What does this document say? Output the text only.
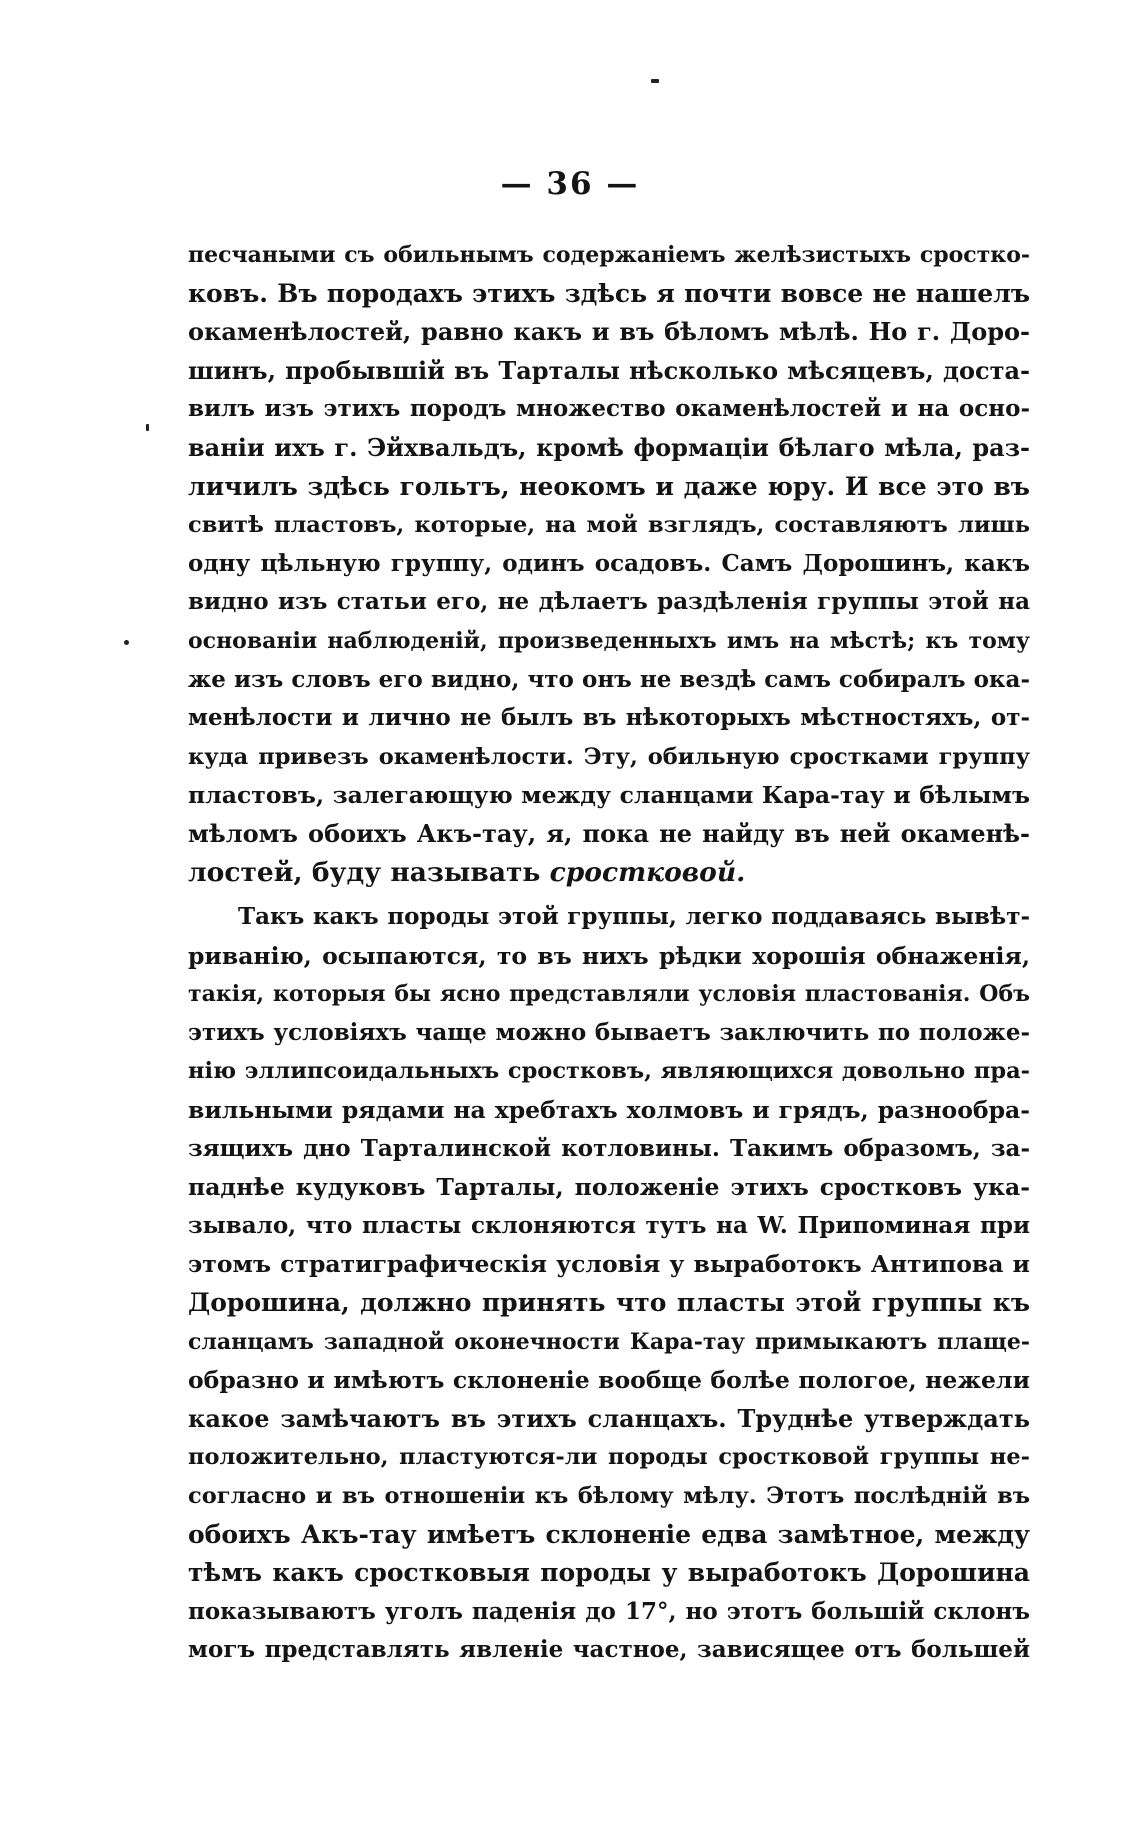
— 36 —
песчаными съ обильнымъ содержаніемъ желѣзистыхъ сростко-
ковъ. Въ породахъ этихъ здѣсь я почти вовсе не нашелъ
окаменѣлостей, равно какъ и въ бѣломъ мѣлѣ. Но г. Доро-
шинъ, пробывшій въ Тарталы нѣсколько мѣсяцевъ, доста-
вилъ изъ этихъ породъ множество окаменѣлостей и на осно-
ваніи ихъ г. Эйхвальдъ, кромѣ формаціи бѣлаго мѣла, раз-
личилъ здѣсь гольтъ, неокомъ и даже юру. И все это въ
свитѣ пластовъ, которые, на мой взглядъ, составляютъ лишь
одну цѣльную группу, одинъ осадовъ. Самъ Дорошинъ, какъ
видно изъ статьи его, не дѣлаетъ раздѣленія группы этой на
основаніи наблюденій, произведенныхъ имъ на мѣстѣ; къ тому
же изъ словъ его видно, что онъ не вездѣ самъ собиралъ ока-
менѣлости и лично не былъ въ нѣкоторыхъ мѣстностяхъ, от-
куда привезъ окаменѣлости. Эту, обильную сростками группу
пластовъ, залегающую между сланцами Кара-тау и бѣлымъ
мѣломъ обоихъ Акъ-тау, я, пока не найду въ ней окаменѣ-
лостей, буду называть сростковой.
Такъ какъ породы этой группы, легко поддаваясь вывѣт-
риванію, осыпаются, то въ нихъ рѣдки хорошія обнаженія,
такія, которыя бы ясно представляли условія пластованія. Объ
этихъ условіяхъ чаще можно бываетъ заключить по положе-
нію эллипсоидальныхъ сростковъ, являющихся довольно пра-
вильными рядами на хребтахъ холмовъ и грядъ, разнообра-
зящихъ дно Тарталинской котловины. Такимъ образомъ, за-
паднѣе кудуковъ Тарталы, положеніе этихъ сростковъ ука-
зывало, что пласты склоняются тутъ на W. Припоминая при
этомъ стратиграфическія условія у выработокъ Антипова и
Дорошина, должно принять что пласты этой группы къ
сланцамъ западной оконечности Кара-тау примыкаютъ плаще-
образно и имѣютъ склоненіе вообще болѣе пологое, нежели
какое замѣчаютъ въ этихъ сланцахъ. Труднѣе утверждать
положительно, пластуются-ли породы сростковой группы не-
согласно и въ отношеніи къ бѣлому мѣлу. Этотъ послѣдній въ
обоихъ Акъ-тау имѣетъ склоненіе едва замѣтное, между
тѣмъ какъ сростковыя породы у выработокъ Дорошина
показываютъ уголъ паденія до 17°, но этотъ большій склонъ
могъ представлять явленіе частное, зависящее отъ большей
